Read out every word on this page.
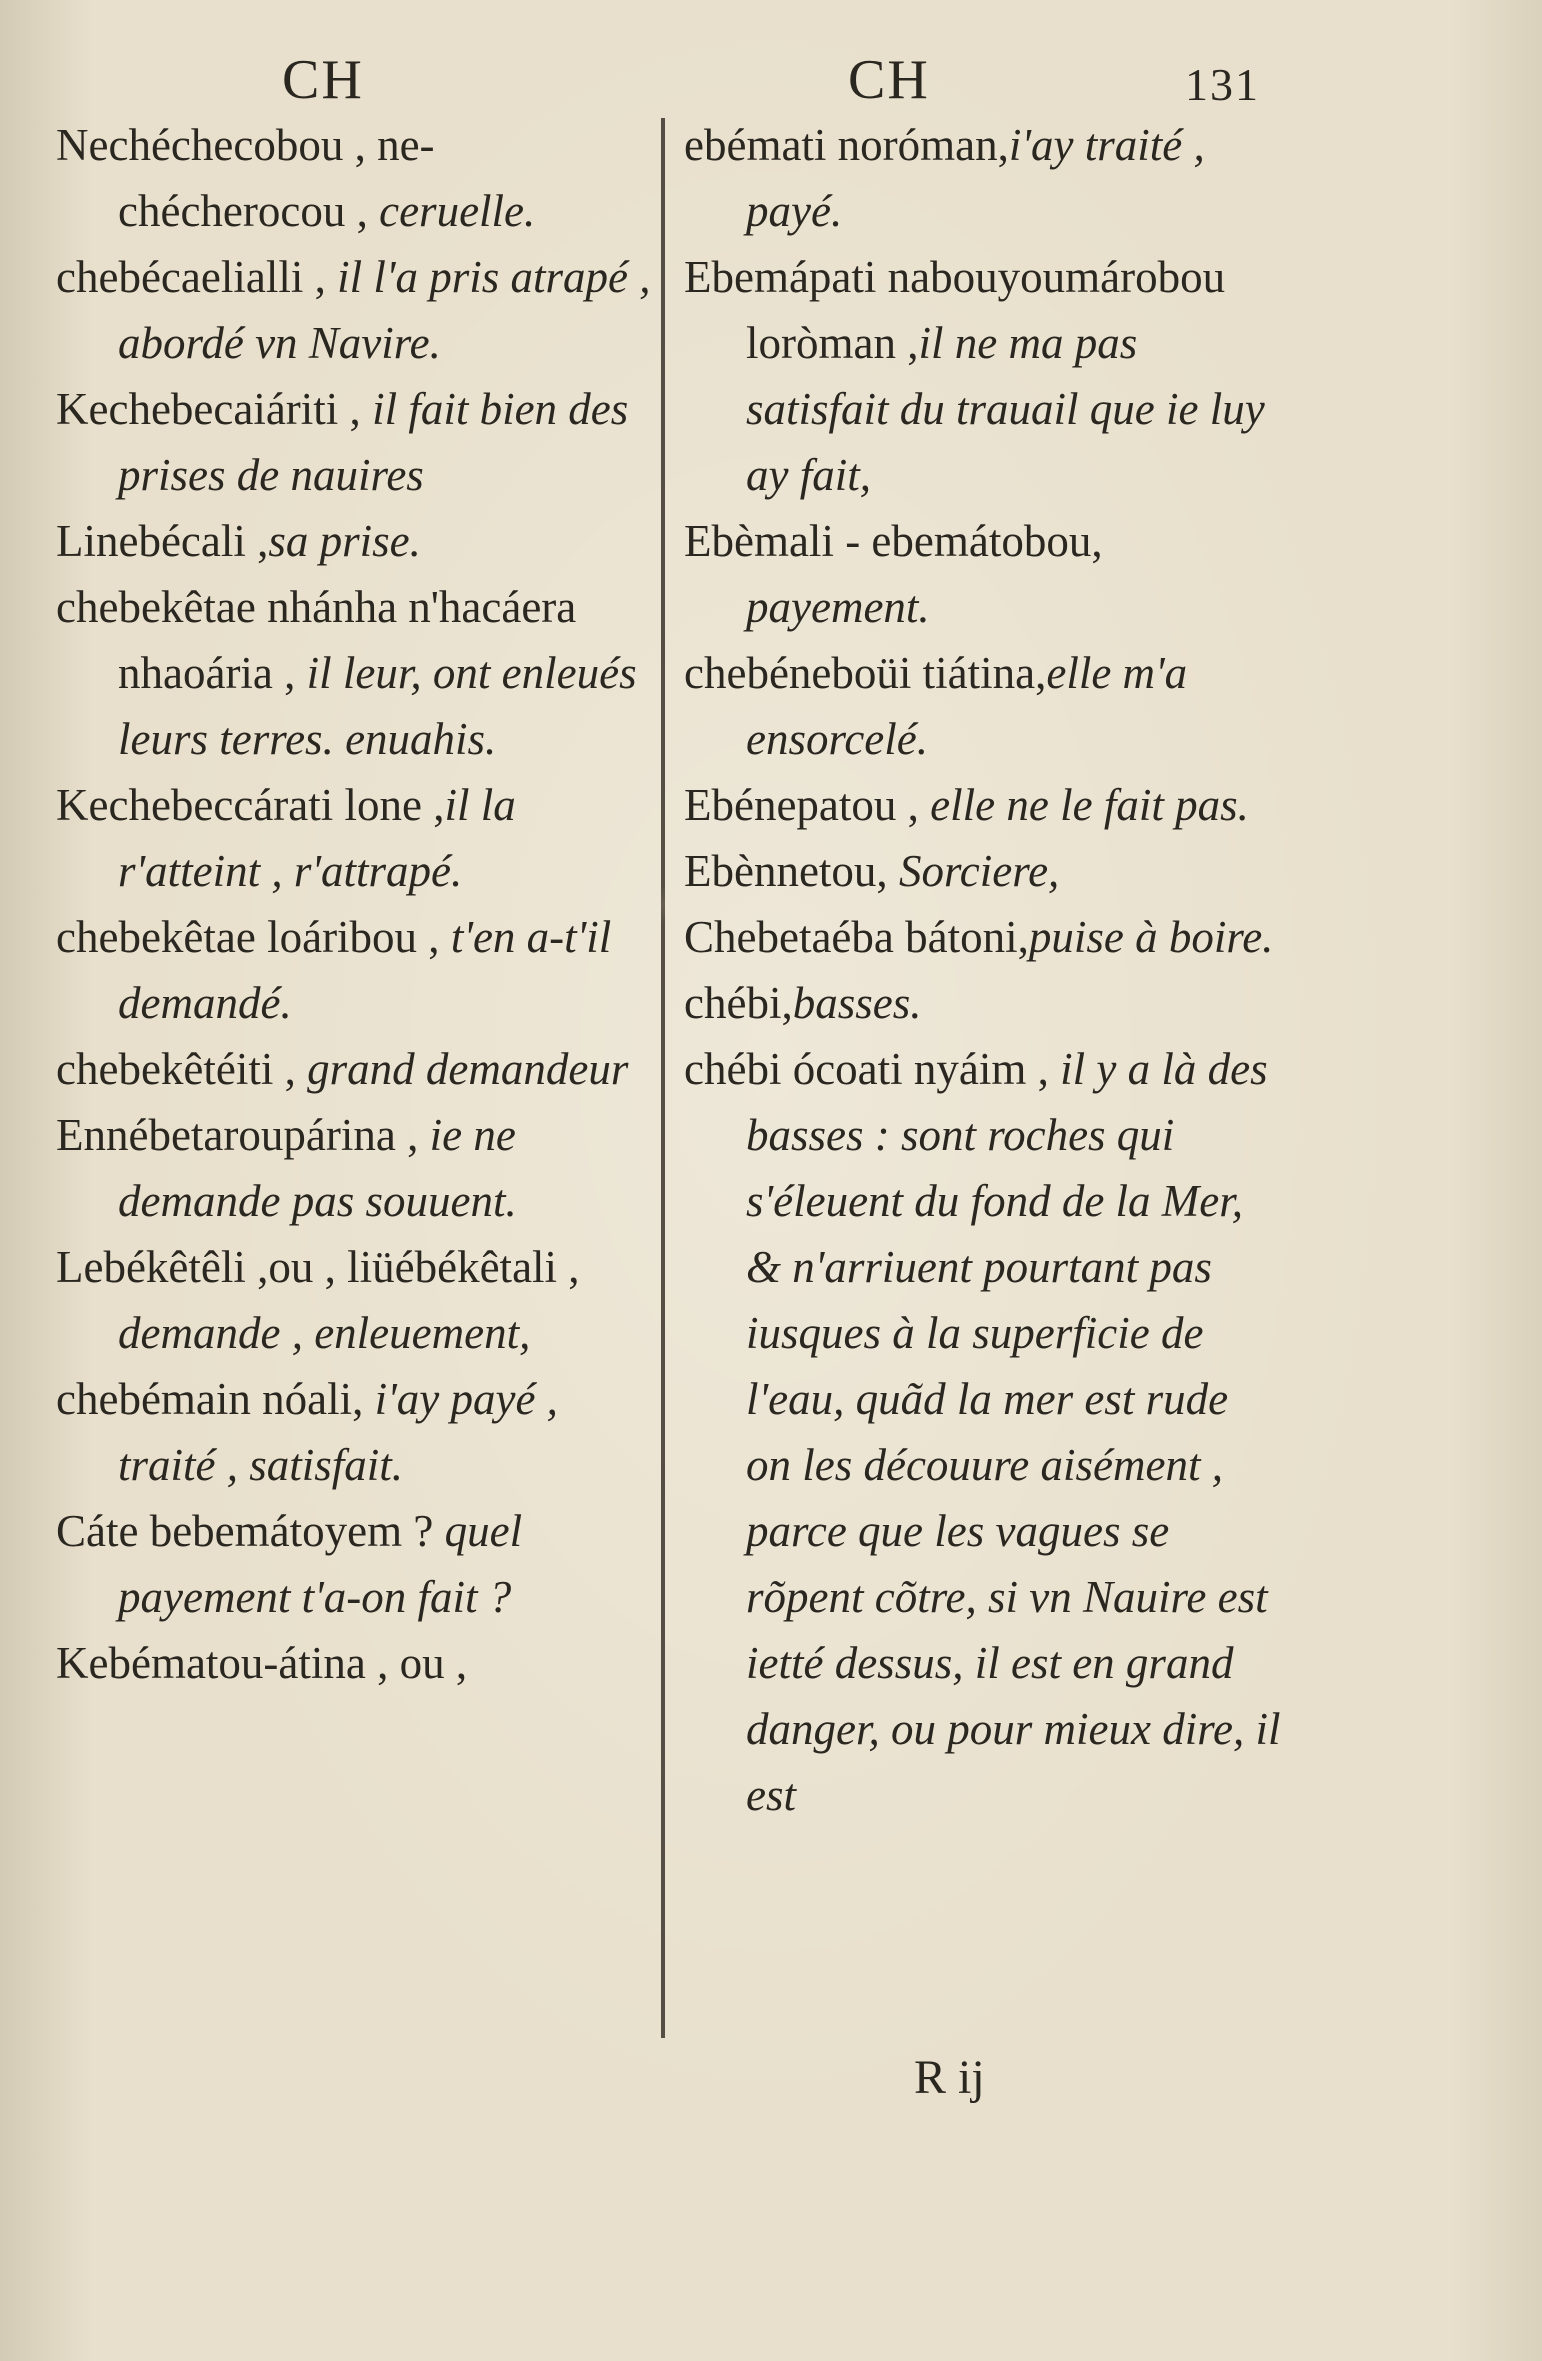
CH	CH	131

Nechéchecobou , ne-chécherocou , ceruelle.

chebécaelialli , il l'a pris atrapé , abordé vn Navire.

Kechebecaiáriti , il fait bien des prises de nauires

Linebécali ,sa prise.

chebekêtae nhánha n'hacáera nhaoária , il leur, ont enleués leurs terres. enuahis.

Kechebeccárati lone ,il la r'atteint , r'attrapé.

chebekêtae loáribou , t'en a-t'il demandé.

chebekêtéiti , grand demandeur

Ennébetaroupárina , ie ne demande pas souuent.

Lebékêtêli ,ou , liüébékêtali , demande , enleuement,

chebémain nóali, i'ay payé , traité , satisfait.

Cáte bebemátoyem ? quel payement t'a-on fait ?

Kebématou-átina , ou ,

ebémati noróman,i'ay traité , payé.

Ebemápati nabouyoumárobou loròman ,il ne ma pas satisfait du trauail que ie luy ay fait,

Ebèmali - ebemátobou, payement.

chebéneboüi tiátina,elle m'a ensorcelé.

Ebénepatou , elle ne le fait pas.

Ebènnetou, Sorciere,

Chebetaéba bátoni,puise à boire.

chébi,basses.

chébi ócoati nyáim , il y a là des basses : sont roches qui s'éleuent du fond de la Mer, & n'arriuent pourtant pas iusques à la superficie de l'eau, quãd la mer est rude on les découure aisément , parce que les vagues se rõpent cõtre, si vn Nauire est ietté dessus, il est en grand danger, ou pour mieux dire, il est

R ij
